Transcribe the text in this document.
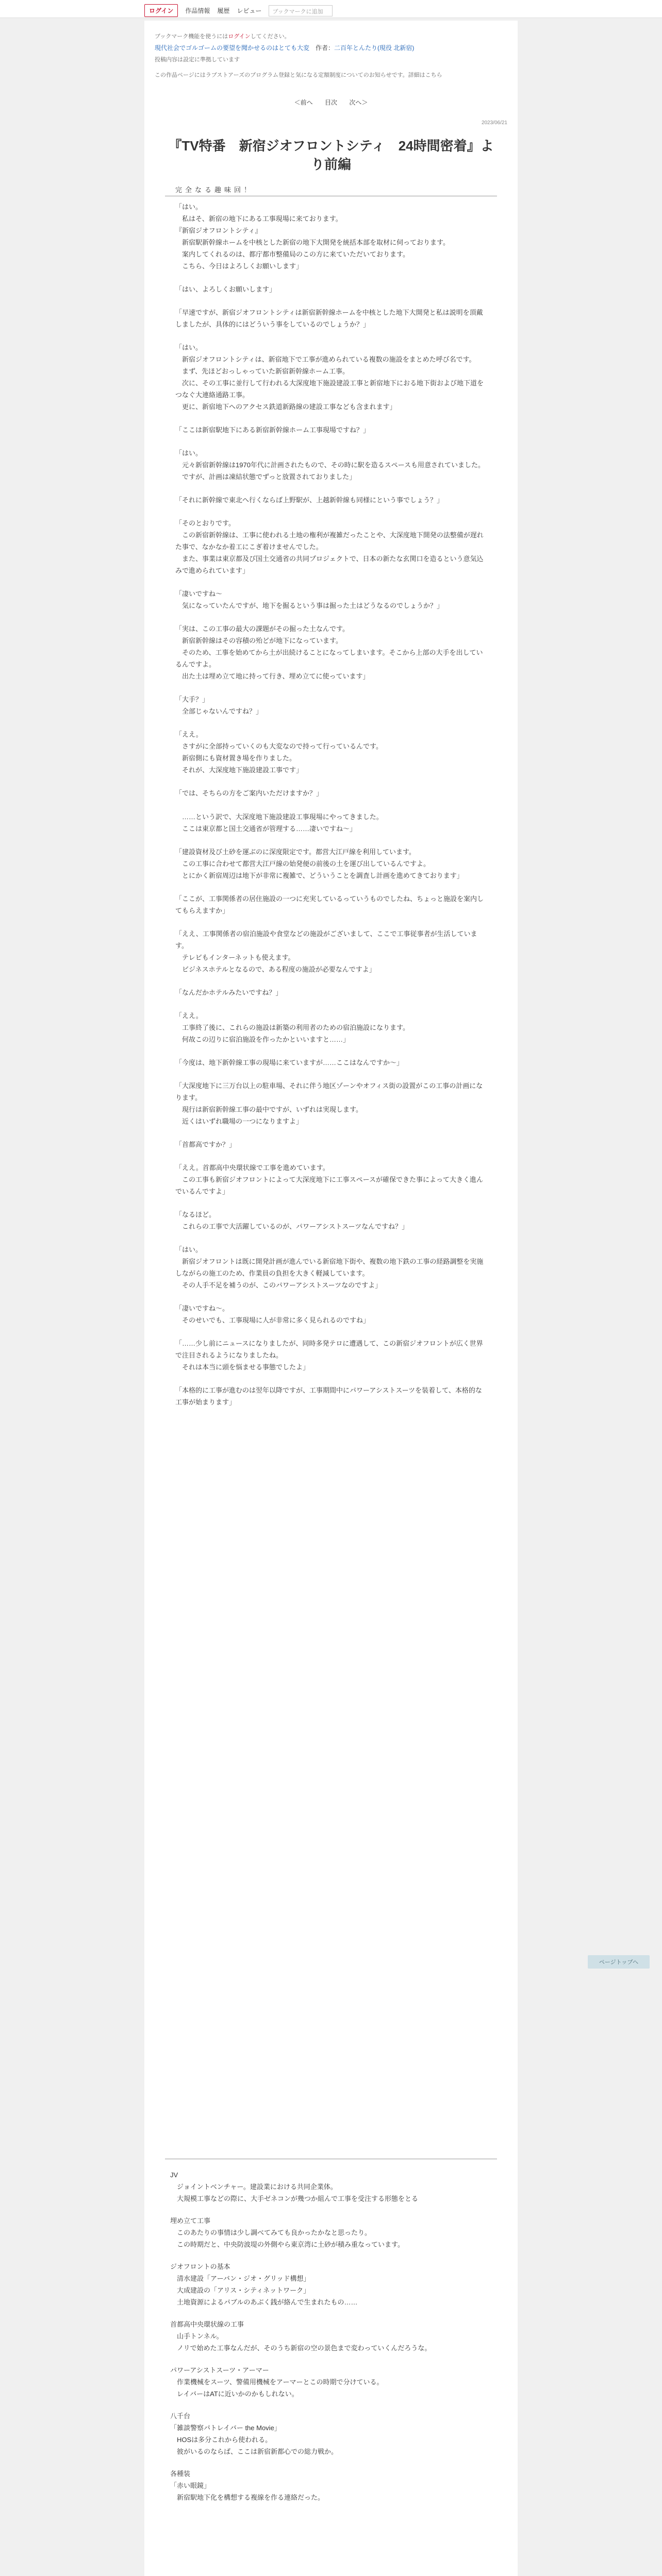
ログイン	作品情報 履歴 レビュー	ブックマークに追加

ブックマーク機能を使うにはログインしてください。

現代社会でゴルゴームの要望を聞かせるのはとても大変　 作者：二百年とんたり(現役 北新宿)

投稿内容は設定に準拠しています

この作品ページにはラブストアーズのプログラム登録と気になる定額制度についてのお知らせです。詳細はこちら

＜前へ 目次 次へ＞
2023/06/21
『TV特番　新宿ジオフロントシティ　24時間密着』より前編
完全なる趣味回！

「はい。
　私はそ、新宿の地下にある工事現場に来ております。
『新宿ジオフロントシティ』
　新宿駅新幹線ホームを中核とした新宿の地下大開発を統括本部を取材に伺っております。
　案内してくれるのは、都庁都市整備局のこの方に来ていただいております。
　こちら、今日はよろしくお願いします」

「はい、よろしくお願いします」

「早速ですが、新宿ジオフロントシティは新宿新幹線ホームを中核とした地下大開発と私は説明を頂戴しましたが、具体的にはどういう事をしているのでしょうか？」

「はい。
　新宿ジオフロントシティは、新宿地下で工事が進められている複数の施設をまとめた呼び名です。
　まず、先ほどおっしゃっていた新宿新幹線ホーム工事。
　次に、その工事に並行して行われる大深度地下施設建設工事と新宿地下におる地下街および地下道をつなぐ大連絡通路工事。
　更に、新宿地下へのアクセス鉄道新路線の建設工事なども含まれます」

「ここは新宿駅地下にある新宿新幹線ホーム工事現場ですね？」

「はい。
　元々新宿新幹線は1970年代に計画されたもので、その時に駅を造るスペースも用意されていました。
　ですが、計画は凍結状態でずっと放置されておりました」

「それに新幹線で東北へ行くならば上野駅が、上越新幹線も同様にという事でしょう？」

「そのとおりです。
　この新宿新幹線は、工事に使われる土地の権利が複雑だったことや、大深度地下開発の法整備が遅れた事で、なかなか着工にこぎ着けませんでした。
　また、事業は東京都及び国土交通省の共同プロジェクトで、日本の新たな玄関口を造るという意気込みで進められています」

「凄いですね〜
　気になっていたんですが、地下を掘るという事は掘った土はどうなるのでしょうか？」

「実は、この工事の最大の課題がその掘った土なんです。
　新宿新幹線はその容積の殆どが地下になっています。
　そのため、工事を始めてから土が出続けることになってしまいます。そこから上部の大手を出しているんですよ。
　出た土は埋め立て地に持って行き、埋め立てに使っています」

「大手？」
　全部じゃないんですね？」

「ええ。
　さすがに全部持っていくのも大変なので持って行っているんです。
　新宿側にも資材置き場を作りました。
　それが、大深度地下施設建設工事です」

「では、そちらの方をご案内いただけますか？」

　……という訳で、大深度地下施設建設工事現場にやってきました。
　ここは東京都と国土交通省が管理する……凄いですね〜」

「建設資材及び土砂を運ぶのに深度限定です。都営大江戸線を利用しています。
　この工事に合わせて都営大江戸線の始発便の前後の土を運び出しているんですよ。
　とにかく新宿周辺は地下が非常に複雑で、どういうことを調査し計画を進めてきております」

「ここが、工事関係者の居住施設の一つに充実しているっていうものでしたね、ちょっと施設を案内してもらえますか」

「ええ、工事関係者の宿泊施設や食堂などの施設がございまして、ここで工事従事者が生活しています。
　テレビもインターネットも使えます。
　ビジネスホテルとなるので、ある程度の施設が必要なんですよ」

「なんだかホテルみたいですね？」

「ええ。
　工事終了後に、これらの施設は新築の利用者のための宿泊施設になります。
　何故この辺りに宿泊施設を作ったかといいますと……」

「今度は、地下新幹線工事の現場に来ていますが……ここはなんですか〜」

「大深度地下に三万台以上の駐車場、それに伴う地区ゾーンやオフィス街の設置がこの工事の計画になります。
　現行は新宿新幹線工事の最中ですが、いずれは実現します。
　近くはいずれ職場の一つになりますよ」

「首都高ですか？」

「ええ。首都高中央環状線で工事を進めています。
　この工事も新宿ジオフロントによって大深度地下に工事スペースが確保できた事によって大きく進んでいるんですよ」

「なるほど。
　これらの工事で大活躍しているのが、パワーアシストスーツなんですね？」

「はい。
　新宿ジオフロントは既に開発計画が進んでいる新宿地下街や、複数の地下鉄の工事の経路調整を実施しながらの施工のため、作業員の負担を大きく軽減しています。
　その人手不足を補うのが、このパワーアシストスーツなのですよ」

「凄いですね〜。
　そのせいでも、工事現場に人が非常に多く見られるのですね」

「……少し前にニュースになりましたが、同時多発テロに遭遇して、この新宿ジオフロントが広く世界で注目されるようになりましたね。
　それは本当に頭を悩ませる事態でしたよ」

「本格的に工事が進むのは翌年以降ですが、工事期間中にパワーアシストスーツを装着して、本格的な工事が始まります」

JV
　ジョイントベンチャー。建設業における共同企業体。
　大規模工事などの際に、大手ゼネコンが幾つか組んで工事を受注する形態をとる

埋め立て工事
　このあたりの事情は少し調べてみても良かったかなと思ったり。
　この時期だと、中央防波堤の外側やら東京湾に土砂が積み重なっています。

ジオフロントの基本
　清水建設「アーバン・ジオ・グリッド構想」
　大成建設の「アリス・シティネットワーク」
　土地資源によるパブルのあぶく銭が絡んで生まれたもの……

首都高中央環状線の工事
　山手トンネル。
　ノリで始めた工事なんだが、そのうち新宿の空の景色まで変わっていくんだろうな。

パワーアシストスーツ・アーマー
　作業機械をスーツ、警備用機械をアーマーとこの時期で分けている。
　レイバーはATに近いかのかもしれない。

八千台
「雑談警察パトレイバー the Movie」
　HOSは多分これから使われる。
　彼がいるのならば、ここは新宿新都心での総力戦か。

各種装
「赤い眼鏡」
　新宿駅地下化を構想する複線を作る連絡だった。

ページトップへ
